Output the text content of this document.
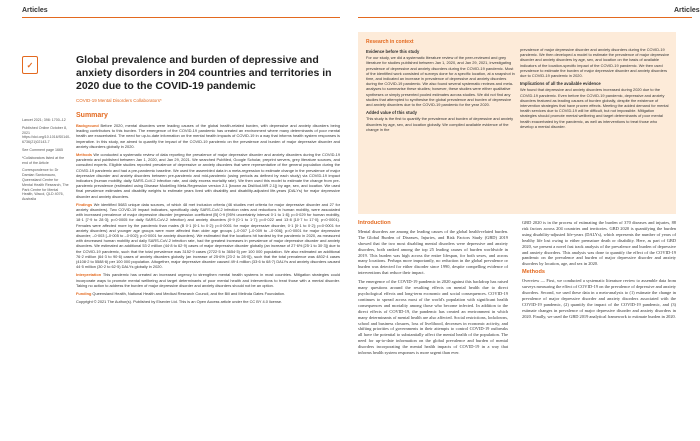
Articles
✓	Global prevalence and burden of depressive and anxiety disorders in 204 countries and territories in 2020 due to the COVID-19 pandemic
COVID-19 Mental Disorders Collaborators*

Lancet 2021; 398: 1700–12

Published Online October 8, 2021 https://doi.org/10.1016/S0140-6736(21)02143-7

See Comment page 1665

*Collaborators listed at the end of the Article

Correspondence to: Dr Damian Santomauro, Queensland Centre for Mental Health Research, The Park Centre for Mental Health, Wacol, QLD 4076, Australia

Summary

Background Before 2020, mental disorders were leading causes of the global health-related burden, with depressive and anxiety disorders being leading contributors to this burden. The emergence of the COVID-19 pandemic has created an environment where many determinants of poor mental health are exacerbated. The need for up-to-date information on the mental health impacts of COVID-19 in a way that informs health system responses is imperative. In this study, we aimed to quantify the impact of the COVID-19 pandemic on the prevalence and burden of major depressive disorder and anxiety disorders globally in 2020.

Methods We conducted a systematic review of data reporting the prevalence of major depressive disorder and anxiety disorders during the COVID-19 pandemic and published between Jan 1, 2020, and Jan 29, 2021. We searched PubMed, Google Scholar, preprint servers, grey literature sources, and consulted experts. Eligible studies reported prevalence of depressive or anxiety disorders that were representative of the general population during the COVID-19 pandemic and had a pre-pandemic baseline. We used the assembled data in a meta-regression to estimate change in the prevalence of major depressive disorder and anxiety disorders between pre-pandemic and mid-pandemic (using periods as defined by each study) via COVID-19 impact indicators (human mobility, daily SARS-CoV-2 infection rate, and daily excess mortality rate). We then used this model to estimate the change from pre-pandemic prevalence (estimated using Disease Modelling Meta-Regression version 2.1 [known as DisMod-MR 2.1]) by age, sex, and location. We used final prevalence estimates and disability weights to estimate years lived with disability and disability-adjusted life-years (DALYs) for major depressive disorder and anxiety disorders.

Findings We identified 5683 unique data sources, of which 48 met inclusion criteria (46 studies met criteria for major depressive disorder and 27 for anxiety disorders). Two COVID-19 impact indicators, specifically daily SARS-CoV-2 infection rates and reductions in human mobility, were associated with increased prevalence of major depressive disorder (regression coefficient [B] 0·9 [95% uncertainty interval 0·1 to 1·8]; p=0·029 for human mobility, 18·1 [7·9 to 28·3]; p=0·0005 for daily SARS-CoV-2 infection) and anxiety disorders (0·9 [0·1 to 1·7]; p=0·022 and 13·8 [10·7 to 17·0]; p<0·0001). Females were affected more by the pandemic than males (B 0·1 [0·1 to 0·2]; p=0·0001 for major depressive disorder, 0·1 [0·1 to 0·2]; p=0·0001 for anxiety disorders) and younger age groups were more affected than older age groups (–0·007 [–0·009 to –0·006]; p=0·0001 for major depressive disorder; –0·003 [–0·005 to –0·002]; p=0·0001 for anxiety disorders). We estimated that the locations hit hardest by the pandemic in 2020, as measured with decreased human mobility and daily SARS-CoV-2 infection rate, had the greatest increases in prevalence of major depressive disorder and anxiety disorders. We estimated an additional 53·2 million (44·8 to 62·9) cases of major depressive disorder globally (an increase of 27·6% [25·1 to 30·3]) due to the COVID-19 pandemic, such that the total prevalence was 3152·9 cases (2722·5 to 3654·5) per 100 000 population. We also estimated an additional 76·2 million (64·3 to 90·6) cases of anxiety disorders globally (an increase of 25·6% [23·2 to 28·0]), such that the total prevalence was 4802·4 cases (4108·2 to 5588·6) per 100 000 population. Altogether, major depressive disorder caused 49·4 million (33·6 to 68·7) DALYs and anxiety disorders caused 44·5 million (30·2 to 62·5) DALYs globally in 2020.

Interpretation This pandemic has created an increased urgency to strengthen mental health systems in most countries. Mitigation strategies could incorporate ways to promote mental wellbeing and target determinants of poor mental health and interventions to treat those with a mental disorder. Taking no action to address the burden of major depressive disorder and anxiety disorders should not be an option.

Funding Queensland Health, National Health and Medical Research Council, and the Bill and Melinda Gates Foundation.

Copyright © 2021 The Author(s). Published by Elsevier Ltd. This is an Open Access article under the CC BY 4.0 license.

Articles
Research in context
Evidence before this study

For our study, we did a systematic literature review of the peer-reviewed and grey literature for studies published between Jan 1, 2020, and Jan 29, 2021, investigating prevalence of depressive and anxiety disorders during the COVID-19 pandemic. Most of the identified work consisted of surveys done for a specific location, at a snapshot in time, and indicated an increase in prevalence of depressive and anxiety disorders during the COVID-19 pandemic. We also found several systematic reviews and meta-analyses to summarise these studies; however, these studies were either qualitative syntheses or simply presented pooled estimates across studies. We did not find any studies that attempted to synthesise the global prevalence and burden of depressive and anxiety disorders due to the COVID-19 pandemic for the year 2020.

Added value of this study

This study is the first to quantify the prevalence and burden of depressive and anxiety disorders by age, sex, and location globally. We compiled available evidence of the change in the

prevalence of major depressive disorder and anxiety disorders during the COVID-19 pandemic. We then developed a model to estimate the prevalence of major depressive disorder and anxiety disorders by age, sex, and location on the basis of available indicators of the location-specific impact of the COVID-19 pandemic. We then used prevalence to estimate the burden of major depressive disorder and anxiety disorders due to COVID-19 pandemic in 2020.

Implications of all the available evidence

We found that depressive and anxiety disorders increased during 2020 due to the COVID-19 pandemic. Even before the COVID-19 pandemic, depressive and anxiety disorders featured as leading causes of burden globally, despite the existence of intervention strategies that have proven effects. Meeting the added demand for mental health services due to COVID-19 will be difficult, but not impossible. Mitigation strategies should promote mental wellbeing and target determinants of poor mental health exacerbated by the pandemic, as well as interventions to treat those who develop a mental disorder.

Introduction

Mental disorders are among the leading causes of the global health-related burden. The Global Burden of Diseases, Injuries, and Risk Factors Study (GBD) 2019 showed that the two most disabling mental disorders were depressive and anxiety disorders, both ranked among the top 25 leading causes of burden worldwide in 2019. This burden was high across the entire lifespan, for both sexes, and across many locations. Perhaps more importantly, no reduction in the global prevalence or burden was detected for either disorder since 1990, despite compelling evidence of interventions that reduce their impact.

The emergence of the COVID-19 pandemic in 2020 against this backdrop has raised many questions around the resulting effects on mental health due to direct psychological effects and long-term economic and social consequences. COVID-19 continues to spread across most of the world's population with significant health consequences and mortality among those who become infected. In addition to the direct effects of COVID-19, the pandemic has created an environment in which many determinants of mental health are also affected. Social restrictions, lockdowns, school and business closures, loss of livelihood, decreases in economic activity, and shifting priorities of governments in their attempts to control COVID-19 outbreaks all have the potential to substantially affect the mental health of the population. The need for up-to-date information on the global prevalence and burden of mental disorders incorporating the mental health impacts of COVID-19 in a way that informs health system responses is more urgent than ever.

GBD 2020 is in the process of estimating the burden of 370 diseases and injuries, 88 risk factors across 204 countries and territories. GBD 2020 is quantifying the burden using disability-adjusted life-years (DALYs), which represents the number of years of healthy life lost owing to either premature death or disability. Here, as part of GBD 2020, we present a novel fast track analysis of the prevalence and burden of depressive and anxiety disorders. This analysis was done to quantify the effect of the COVID-19 pandemic on the prevalence and burden of major depressive disorder and anxiety disorders by location, age, and sex in 2020.

Methods

Overview — First, we conducted a systematic literature review to assemble data from surveys measuring the effect of COVID-19 on the prevalence of depressive and anxiety disorders. Second, we used these data in a meta-analysis to (1) estimate the change in prevalence of major depressive disorder and anxiety disorders associated with the COVID-19 pandemic, (2) quantify the impact of the COVID-19 pandemic, and (3) estimate changes in prevalence of major depressive disorder and anxiety disorders in 2020. Finally, we used the GBD 2019 analytical framework to estimate burden in 2020.
